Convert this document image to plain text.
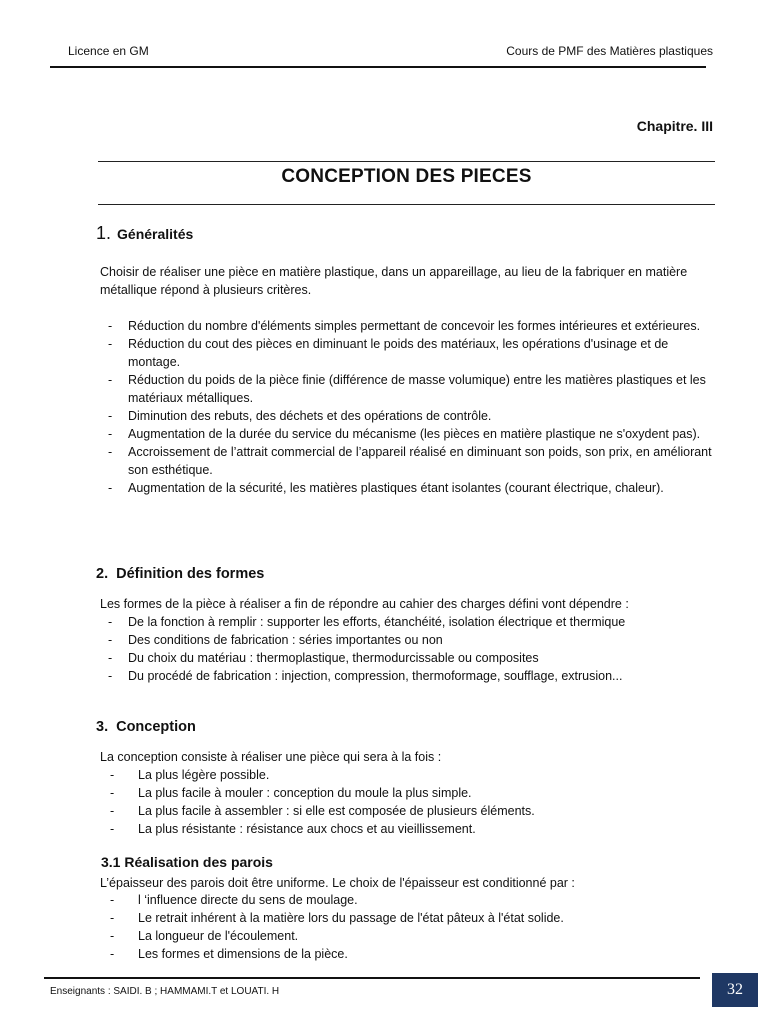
Licence en GM	Cours de PMF des Matières plastiques
Chapitre. III
CONCEPTION DES PIECES
1. Généralités

Choisir de réaliser une pièce en matière plastique, dans un appareillage, au lieu de la fabriquer en matière métallique répond à plusieurs critères.

- Réduction du nombre d'éléments simples permettant de concevoir les formes intérieures et extérieures.
- Réduction du cout des pièces en diminuant le poids des matériaux, les opérations d'usinage et de montage.
- Réduction du poids de la pièce finie (différence de masse volumique) entre les matières plastiques et les matériaux métalliques.
- Diminution des rebuts, des déchets et des opérations de contrôle.
- Augmentation de la durée du service du mécanisme (les pièces en matière plastique ne s'oxydent pas).
- Accroissement de l’attrait commercial de l’appareil réalisé en diminuant son poids, son prix, en améliorant son esthétique.
- Augmentation de la sécurité, les matières plastiques étant isolantes (courant électrique, chaleur).
2. Définition des formes

Les formes de la pièce à réaliser a fin de répondre au cahier des charges défini vont dépendre :

- De la fonction à remplir : supporter les efforts, étanchéité, isolation électrique et thermique
- Des conditions de fabrication : séries importantes ou non
- Du choix du matériau : thermoplastique, thermodurcissable ou composites
- Du procédé de fabrication : injection, compression, thermoformage, soufflage, extrusion...
3. Conception

La conception consiste à réaliser une pièce qui sera à la fois :

- La plus légère possible.
- La plus facile à mouler : conception du moule la plus simple.
- La plus facile à assembler : si elle est composée de plusieurs éléments.
- La plus résistante : résistance aux chocs et au vieillissement.
3.1 Réalisation des parois

L’épaisseur des parois doit être uniforme. Le choix de l'épaisseur est conditionné par :

- l ‘influence directe du sens de moulage.
- Le retrait inhérent à la matière lors du passage de l'état pâteux à l'état solide.
- La longueur de l'écoulement.
- Les formes et dimensions de la pièce.
Enseignants : SAIDI. B ; HAMMAMI.T et LOUATI. H	32
